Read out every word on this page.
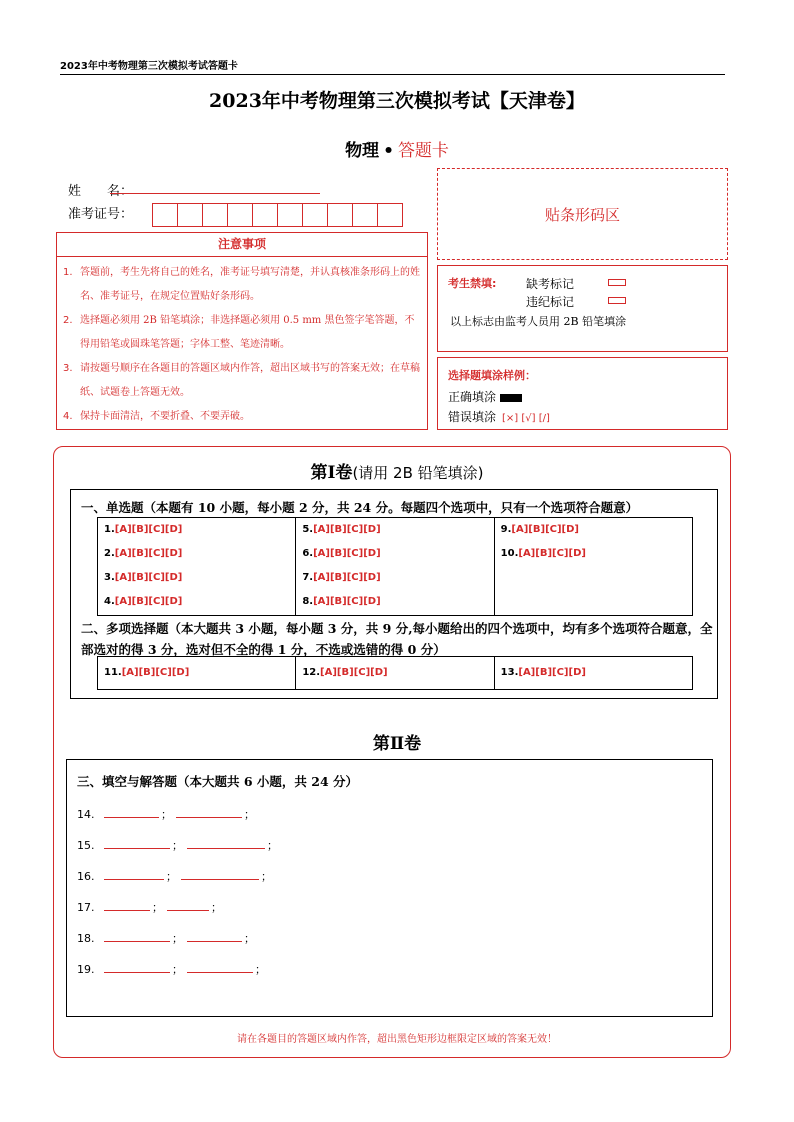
2023年中考物理第三次模拟考试答题卡
2023年中考物理第三次模拟考试【天津卷】
物理 • 答题卡
姓　　名：
准考证号：	贴条形码区
注意事项
1. 答题前，考生先将自己的姓名，准考证号填写清楚，并认真核准条形码上的姓名、准考证号，在规定位置贴好条形码。
2. 选择题必须用 2B 铅笔填涂；非选择题必须用 0.5 mm 黑色签字笔答题，不得用铅笔或圆珠笔答题；字体工整、笔迹清晰。
3. 请按题号顺序在各题目的答题区域内作答，超出区域书写的答案无效；在草稿纸、试题卷上答题无效。
4. 保持卡面清洁，不要折叠、不要弄破。
考生禁填: 缺考标记
违纪标记
以上标志由监考人员用 2B 铅笔填涂
选择题填涂样例：
正确填涂
错误填涂 [×] [√] [/]
第Ⅰ卷(请用 2B 铅笔填涂)
一、单选题（本题有 10 小题，每小题 2 分，共 24 分。每题四个选项中，只有一个选项符合题意）
1.[A][B][C][D]
2.[A][B][C][D]
3.[A][B][C][D]
4.[A][B][C][D]
5.[A][B][C][D]
6.[A][B][C][D]
7.[A][B][C][D]
8.[A][B][C][D]
9.[A][B][C][D]
10.[A][B][C][D]
二、多项选择题（本大题共 3 小题，每小题 3 分，共 9 分,每小题给出的四个选项中，均有多个选项符合题意，全部选对的得 3 分，选对但不全的得 1 分，不选或选错的得 0 分）
11.[A][B][C][D]	12.[A][B][C][D]	13.[A][B][C][D]
第Ⅱ卷
三、填空与解答题（本大题共 6 小题，共 24 分）
14.	；	；
15.	；	；
16.	；	；
17.	；	；
18.	；	；
19.	；	；
请在各题目的答题区域内作答，超出黑色矩形边框限定区域的答案无效！
